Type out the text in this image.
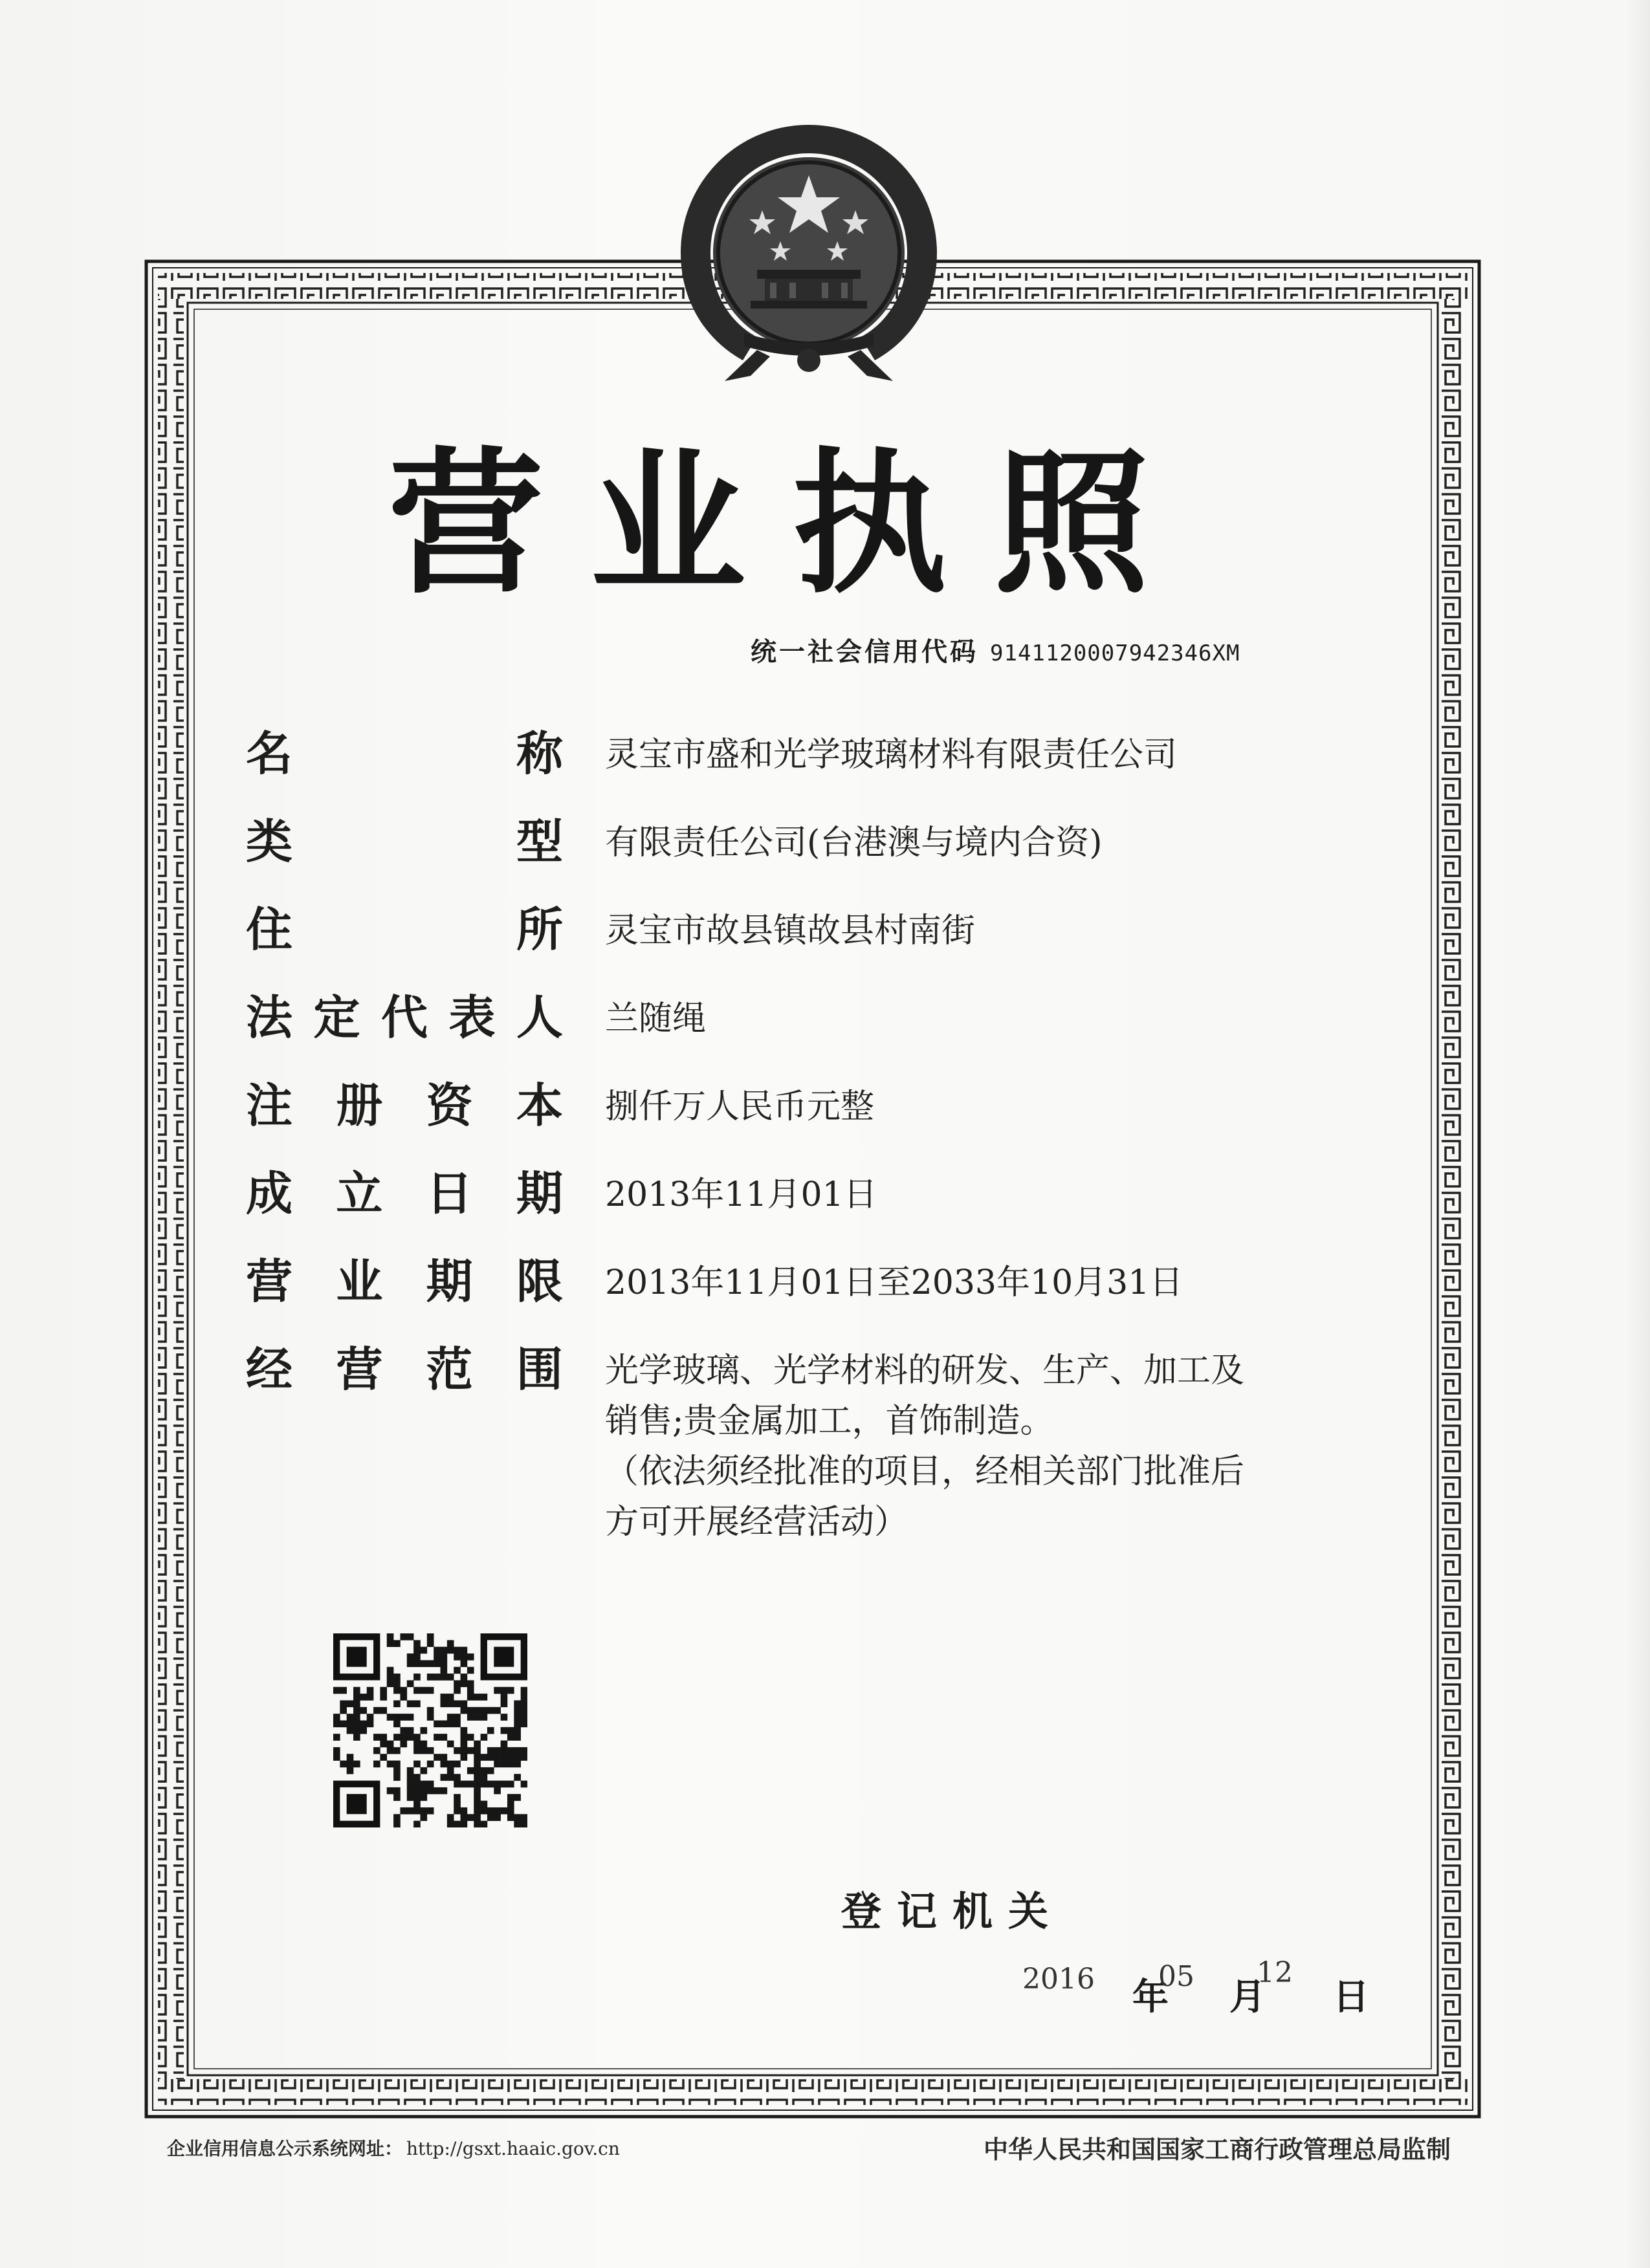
营业执照
统一社会信用代码 9141120007942346XM
名	称 灵宝市盛和光学玻璃材料有限责任公司
类	型 有限责任公司(台港澳与境内合资)
住	所 灵宝市故县镇故县村南街
法 定 代 表 人 兰随绳
注 册 资 本 捌仟万人民币元整
成 立 日 期 2013年11月01日
营 业 期 限 2013年11月01日至2033年10月31日
经 营 范 围 光学玻璃、光学材料的研发、生产、加工及
销售;贵金属加工，首饰制造。
（依法须经批准的项目，经相关部门批准后
方可开展经营活动）
登记机关
2016 年
05 月
12
日
企业信用信息公示系统网址： http://gsxt.haaic.gov.cn	中华人民共和国国家工商行政管理总局监制
